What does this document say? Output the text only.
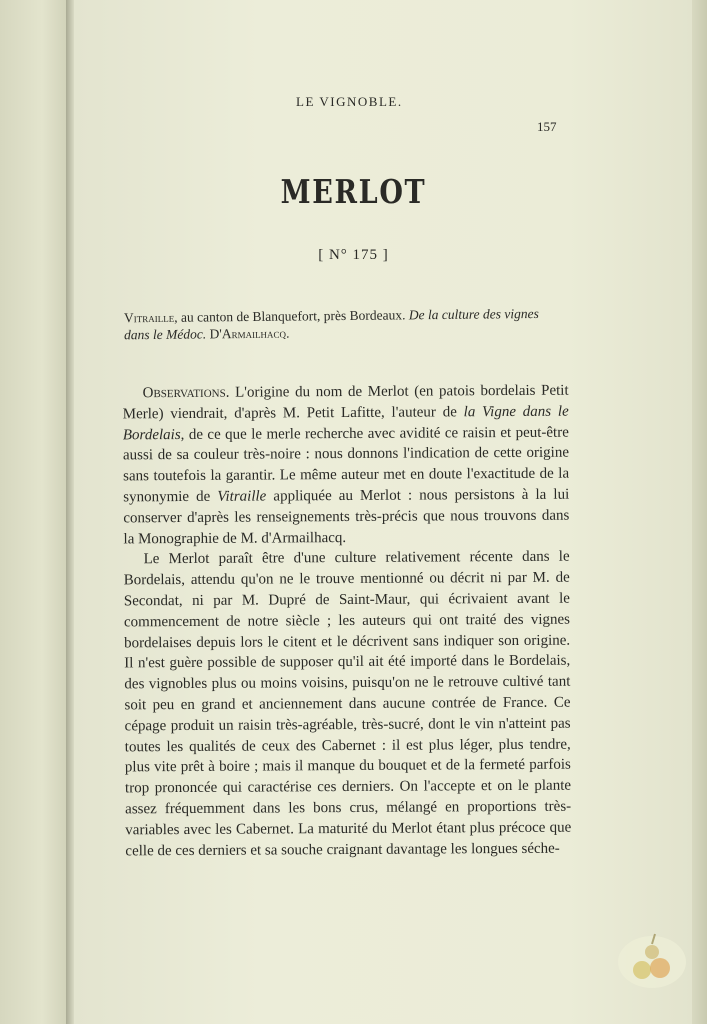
LE VIGNOBLE.
157
MERLOT
[ N° 175 ]
Vitraille, au canton de Blanquefort, près Bordeaux. De la culture des vignes dans le Médoc. D'Armailhacq.

Observations. L'origine du nom de Merlot (en patois bordelais Petit Merle) viendrait, d'après M. Petit Lafitte, l'auteur de la Vigne dans le Bordelais, de ce que le merle recherche avec avidité ce raisin et peut-être aussi de sa couleur très-noire : nous donnons l'indication de cette origine sans toutefois la garantir. Le même auteur met en doute l'exactitude de la synonymie de Vitraille appliquée au Merlot : nous persistons à la lui conserver d'après les renseignements très-précis que nous trouvons dans la Monographie de M. d'Armailhacq.

Le Merlot paraît être d'une culture relativement récente dans le Bordelais, attendu qu'on ne le trouve mentionné ou décrit ni par M. de Secondat, ni par M. Dupré de Saint-Maur, qui écrivaient avant le commencement de notre siècle ; les auteurs qui ont traité des vignes bordelaises depuis lors le citent et le décrivent sans indiquer son origine. Il n'est guère possible de supposer qu'il ait été importé dans le Bordelais, des vignobles plus ou moins voisins, puisqu'on ne le retrouve cultivé tant soit peu en grand et anciennement dans aucune contrée de France. Ce cépage produit un raisin très-agréable, très-sucré, dont le vin n'atteint pas toutes les qualités de ceux des Cabernet : il est plus léger, plus tendre, plus vite prêt à boire ; mais il manque du bouquet et de la fermeté parfois trop prononcée qui caractérise ces derniers. On l'accepte et on le plante assez fréquemment dans les bons crus, mélangé en proportions très-variables avec les Cabernet. La maturité du Merlot étant plus précoce que celle de ces derniers et sa souche craignant davantage les longues séche-
